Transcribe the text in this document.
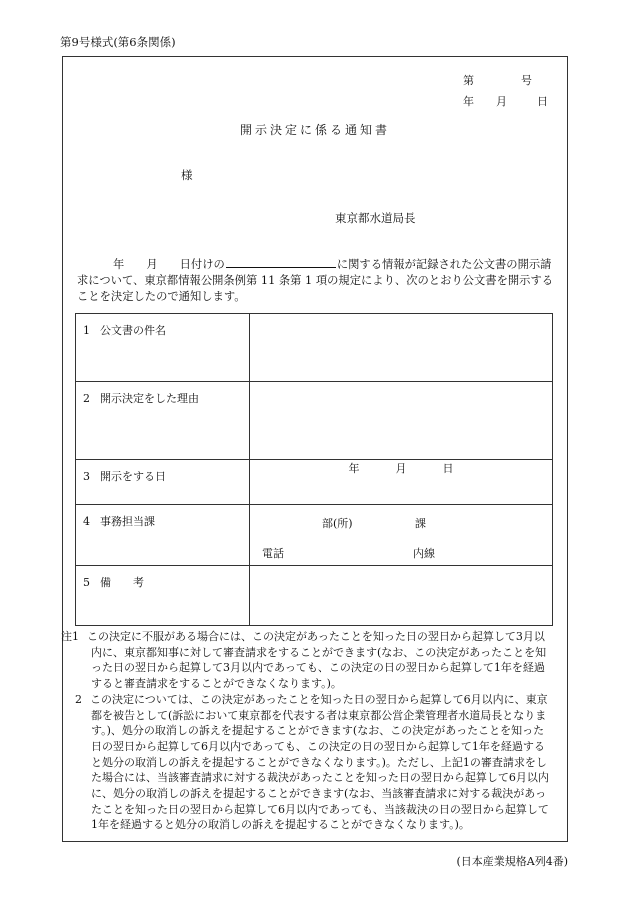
第9号様式(第6条関係)
第	号
年	月	日
開示決定に係る通知書
様
東京都水道局長
年 月 日付けの	に関する情報が記録された公文書の開示請求について、東京都情報公開条例第 11 条第 1 項の規定により、次のとおり公文書を開示することを決定したので通知します。
1 公文書の件名	
2 開示決定をした理由	
3 開示をする日	年 月 日
4 事務担当課	部(所) 課
電話 内線

5 備　　考	

注1 この決定に不服がある場合には、この決定があったことを知った日の翌日から起算して3月以内に、東京都知事に対して審査請求をすることができます(なお、この決定があったことを知った日の翌日から起算して3月以内であっても、この決定の日の翌日から起算して1年を経過すると審査請求をすることができなくなります。)。

2 この決定については、この決定があったことを知った日の翌日から起算して6月以内に、東京都を被告として(訴訟において東京都を代表する者は東京都公営企業管理者水道局長となります。)、処分の取消しの訴えを提起することができます(なお、この決定があったことを知った日の翌日から起算して6月以内であっても、この決定の日の翌日から起算して1年を経過すると処分の取消しの訴えを提起することができなくなります。)。ただし、上記1の審査請求をした場合には、当該審査請求に対する裁決があったことを知った日の翌日から起算して6月以内に、処分の取消しの訴えを提起することができます(なお、当該審査請求に対する裁決があったことを知った日の翌日から起算して6月以内であっても、当該裁決の日の翌日から起算して1年を経過すると処分の取消しの訴えを提起することができなくなります。)。

(日本産業規格A列4番)
